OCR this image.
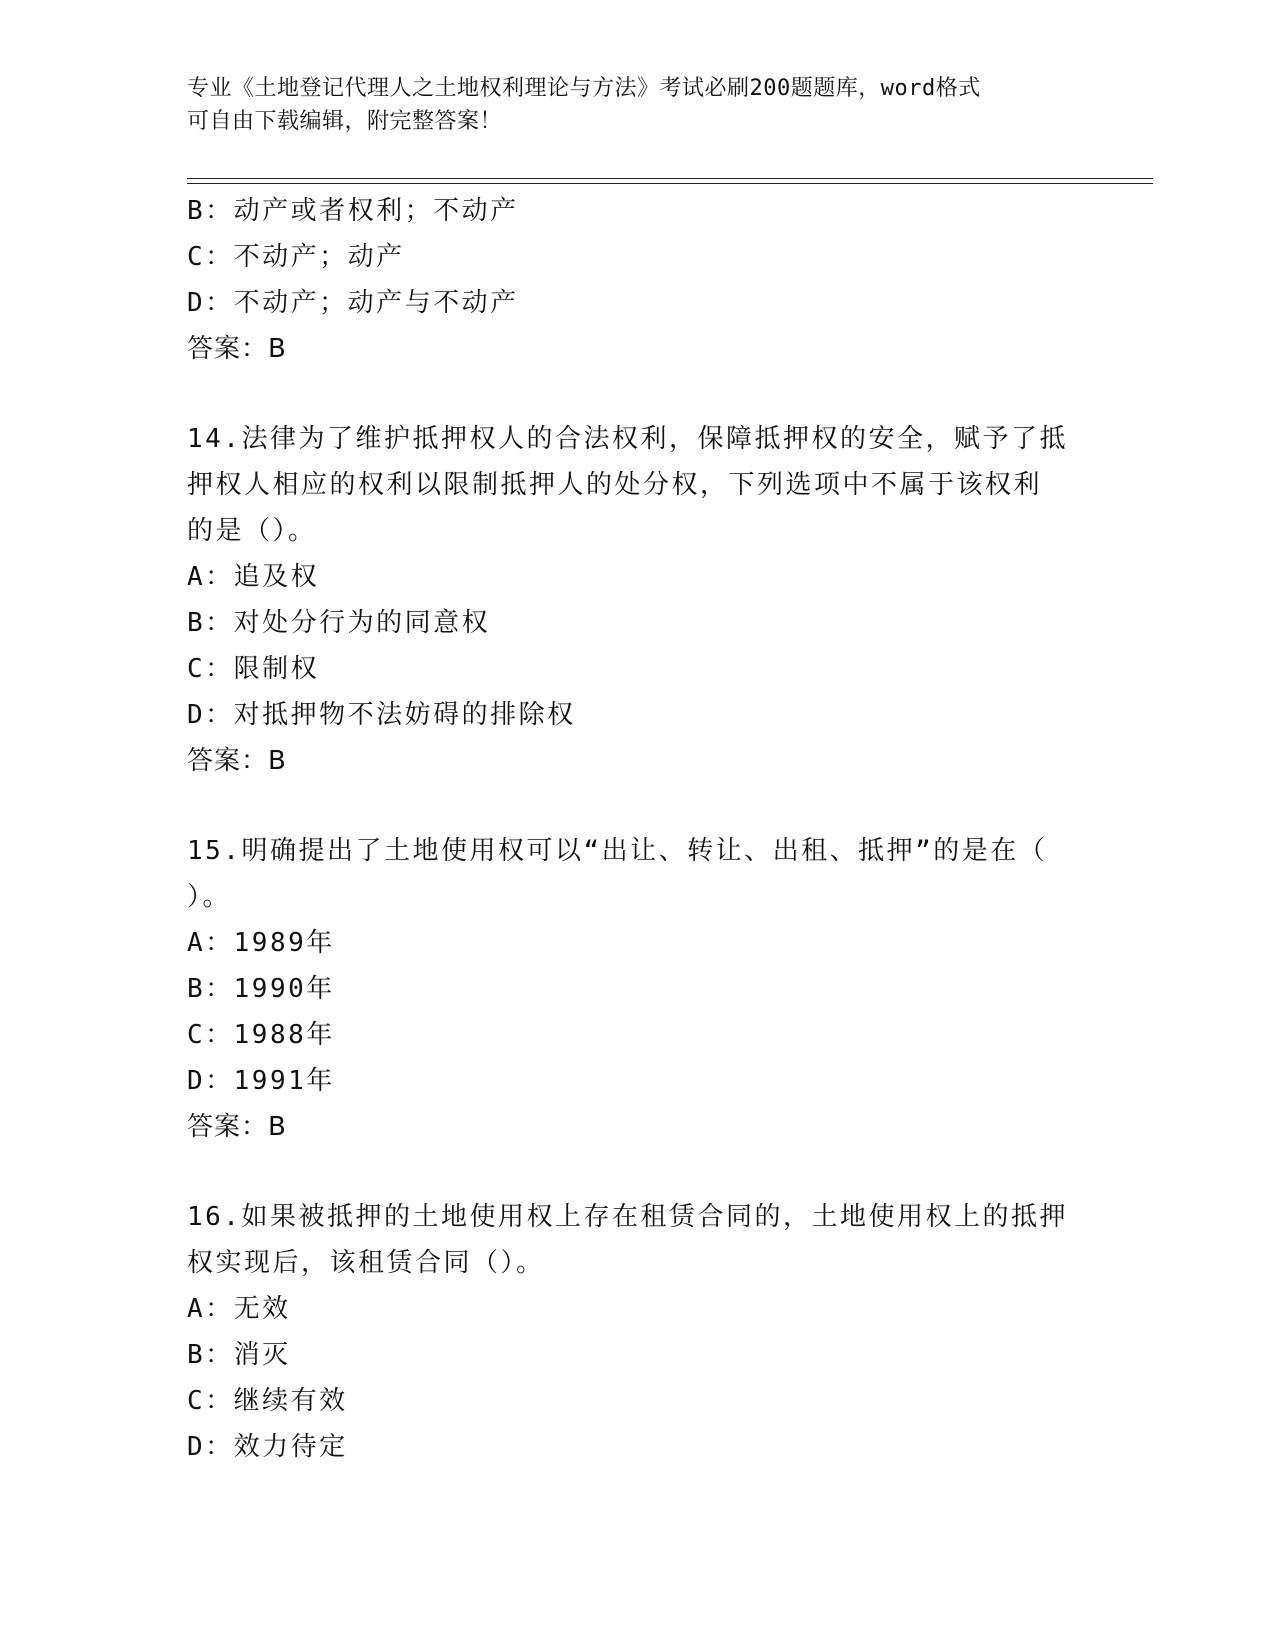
专业《土地登记代理人之土地权利理论与方法》考试必刷200题题库，word格式
可自由下载编辑，附完整答案！
B：动产或者权利；不动产
C：不动产；动产
D：不动产；动产与不动产
答案：B
14.法律为了维护抵押权人的合法权利，保障抵押权的安全，赋予了抵
押权人相应的权利以限制抵押人的处分权，下列选项中不属于该权利
的是（）。
A：追及权
B：对处分行为的同意权
C：限制权
D：对抵押物不法妨碍的排除权
答案：B
15.明确提出了土地使用权可以“出让、转让、出租、抵押”的是在（
）。
A：1989年
B：1990年
C：1988年
D：1991年
答案：B
16.如果被抵押的土地使用权上存在租赁合同的，土地使用权上的抵押
权实现后，该租赁合同（）。
A：无效
B：消灭
C：继续有效
D：效力待定
